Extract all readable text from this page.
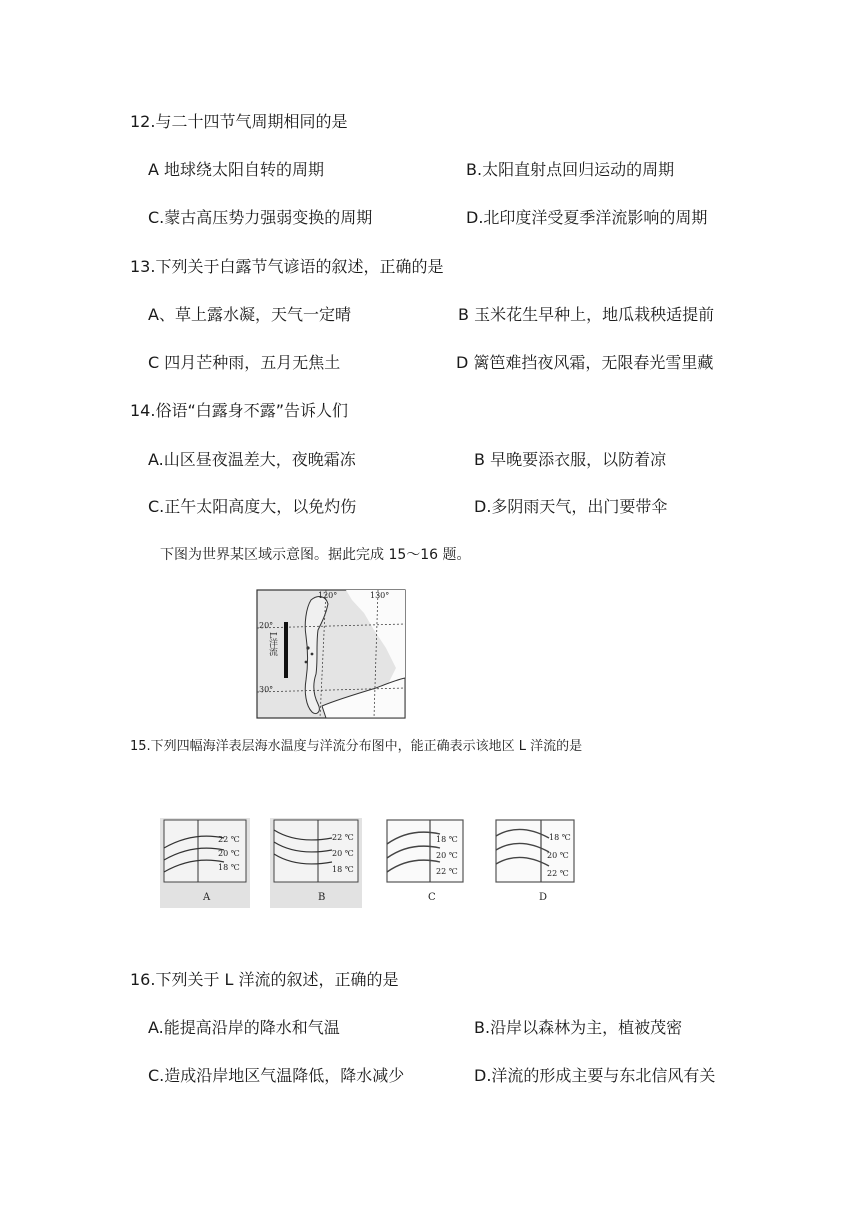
12.与二十四节气周期相同的是
A 地球绕太阳自转的周期	B.太阳直射点回归运动的周期
C.蒙古高压势力强弱变换的周期	D.北印度洋受夏季洋流影响的周期
13.下列关于白露节气谚语的叙述，正确的是
A、草上露水凝，天气一定晴	B 玉米花生早种上，地瓜栽秧适提前
C 四月芒种雨，五月无焦土	D 篱笆难挡夜风霜，无限春光雪里藏
14.俗语“白露身不露”告诉人们
A.山区昼夜温差大，夜晚霜冻	B 早晚要添衣服，以防着凉
C.正午太阳高度大，以免灼伤	D.多阴雨天气，出门要带伞
下图为世界某区域示意图。据此完成 15～16 题。
L洋流
120°	130°
20°
30°
15.下列四幅海洋表层海水温度与洋流分布图中，能正确表示该地区 L 洋流的是
22 ℃
20 ℃
18 ℃
A
22 ℃
20 ℃
18 ℃
B
18 ℃
20 ℃
22 ℃
C
18 ℃
20 ℃
22 ℃
D
16.下列关于 L 洋流的叙述，正确的是
A.能提高沿岸的降水和气温	B.沿岸以森林为主，植被茂密
C.造成沿岸地区气温降低，降水减少	D.洋流的形成主要与东北信风有关
